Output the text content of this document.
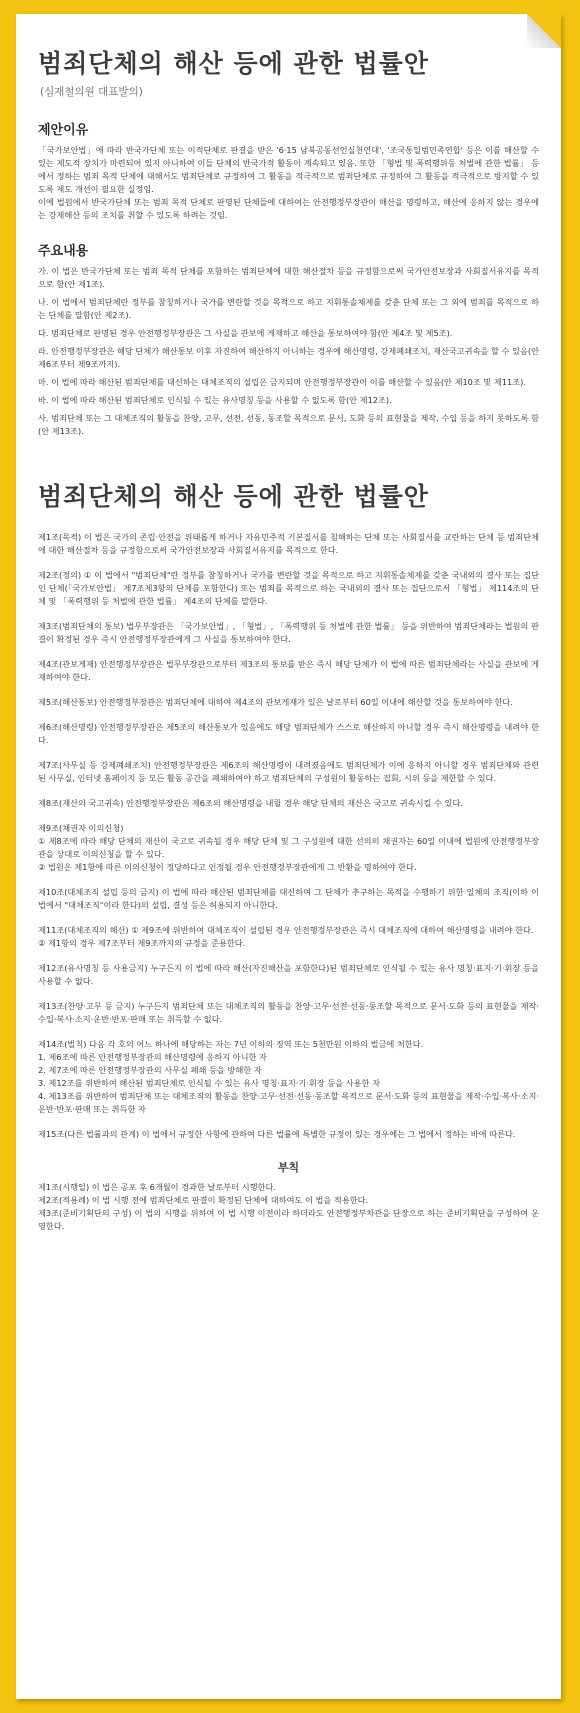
범죄단체의 해산 등에 관한 법률안
(심재철의원 대표발의)
제안이유

「국가보안법」에 따라 반국가단체 또는 이적단체로 판결을 받은 '6·15 남북공동선언실천연대', '조국통일범민족연합' 등은 이를 해산할 수 있는 제도적 장치가 마련되어 있지 아니하여 이들 단체의 반국가적 활동이 계속되고 있음. 또한 「형법 및 폭력행위등 처벌에 관한 법률」 등에서 정하는 범죄 목적 단체에 대해서도 범죄단체로 규정하여 그 활동을 적극적으로 범죄단체로 규정하여 그 활동을 적극적으로 방지할 수 있도록 제도 개선이 필요한 실정임.

이에 법원에서 반국가단체 또는 범죄 목적 단체로 판명된 단체들에 대하여는 안전행정부장관이 해산을 명령하고, 해산에 응하지 않는 경우에는 강제해산 등의 조치를 취할 수 있도록 하려는 것임.

주요내용

가. 이 법은 반국가단체 또는 범죄 목적 단체를 포함하는 범죄단체에 대한 해산절차 등을 규정함으로써 국가안전보장과 사회질서유지를 목적으로 함(안 제1조).

나. 이 법에서 범죄단체란 정부를 참칭하거나 국가를 변란할 것을 목적으로 하고 지휘통솔체제를 갖춘 단체 또는 그 외에 범죄를 목적으로 하는 단체를 말함(안 제2조).

다. 범죄단체로 판명된 경우 안전행정부장관은 그 사실을 관보에 게재하고 해산을 통보하여야 함(안 제4조 및 제5조).

라. 안전행정부장관은 해당 단체가 해산통보 이후 자진하여 해산하지 아니하는 경우에 해산명령, 강제폐쇄조치, 재산국고귀속을 할 수 있음(안 제6조부터 제9조까지).

마. 이 법에 따라 해산된 범죄단체를 대신하는 대체조직의 설립은 금지되며 안전행정부장관이 이를 해산할 수 있음(안 제10조 및 제11조).

바. 이 법에 따라 해산된 범죄단체로 인식될 수 있는 유사명칭 등을 사용할 수 없도록 함(안 제12조).

사. 범죄단체 또는 그 대체조직의 활동을 찬양, 고무, 선전, 선동, 동조할 목적으로 문서, 도화 등의 표현물을 제작, 수입 등을 하지 못하도록 함(안 제13조).

범죄단체의 해산 등에 관한 법률안

제1조(목적) 이 법은 국가의 존립·안전을 위태롭게 하거나 자유민주적 기본질서를 침해하는 단체 또는 사회질서를 교란하는 단체 등 범죄단체에 대한 해산절차 등을 규정함으로써 국가안전보장과 사회질서유지를 목적으로 한다.

제2조(정의) ① 이 법에서 "범죄단체"란 정부를 참칭하거나 국가를 변란할 것을 목적으로 하고 지휘통솔체제를 갖춘 국내외의 결사 또는 집단인 단체(「국가보안법」 제7조제3항의 단체를 포함한다) 또는 범죄를 목적으로 하는 국내외의 결사 또는 집단으로서 「형법」 제114조의 단체 및 「폭력행위 등 처벌에 관한 법률」 제4조의 단체를 말한다.

제3조(범죄단체의 통보) 법무부장관은 「국가보안법」, 「형법」, 「폭력행위 등 처벌에 관한 법률」 등을 위반하여 범죄단체라는 법원의 판결이 확정된 경우 즉시 안전행정부장관에게 그 사실을 통보하여야 한다.

제4조(관보게재) 안전행정부장관은 법무부장관으로부터 제3조의 통보를 받은 즉시 해당 단체가 이 법에 따른 범죄단체라는 사실을 관보에 게재하여야 한다.

제5조(해산통보) 안전행정부장관은 범죄단체에 대하여 제4조의 관보게재가 있은 날로부터 60일 이내에 해산할 것을 통보하여야 한다.

제6조(해산명령) 안전행정부장관은 제5조의 해산통보가 있음에도 해당 범죄단체가 스스로 해산하지 아니할 경우 즉시 해산명령을 내려야 한다.

제7조(사무실 등 강제폐쇄조치) 안전행정부장관은 제6조의 해산명령이 내려졌음에도 범죄단체가 이에 응하지 아니할 경우 범죄단체와 관련된 사무실, 인터넷 홈페이지 등 모든 활동 공간을 폐쇄하여야 하고 범죄단체의 구성원이 활동하는 집회, 시위 등을 제한할 수 있다.

제8조(재산의 국고귀속) 안전행정부장관은 제6조의 해산명령을 내릴 경우 해당 단체의 재산은 국고로 귀속시킬 수 있다.

제9조(채권자 이의신청)

① 제8조에 따라 해당 단체의 재산이 국고로 귀속될 경우 해당 단체 및 그 구성원에 대한 선의의 채권자는 60일 이내에 법원에 안전행정부장관을 상대로 이의신청을 할 수 있다.

② 법원은 제1항에 따른 이의신청이 정당하다고 인정될 경우 안전행정부장관에게 그 반환을 명하여야 한다.

제10조(대체조직 설립 등의 금지) 이 법에 따라 해산된 범죄단체를 대신하여 그 단체가 추구하는 목적을 수행하기 위한 일체의 조직(이하 이 법에서 "대체조직"이라 한다)의 설립, 결성 등은 허용되지 아니한다.

제11조(대체조직의 해산) ① 제9조에 위반하여 대체조직이 설립된 경우 안전행정부장관은 즉시 대체조직에 대하여 해산명령을 내려야 한다.

② 제1항의 경우 제7조부터 제9조까지의 규정을 준용한다.

제12조(유사명칭 등 사용금지) 누구든지 이 법에 따라 해산(자진해산을 포함한다)된 범죄단체로 인식될 수 있는 유사 명칭·표지·기·휘장 등을 사용할 수 없다.

제13조(찬양·고무 등 금지) 누구든지 범죄단체 또는 대체조직의 활동을 찬양·고무·선전·선동·동조할 목적으로 문서·도화 등의 표현물을 제작·수입·복사·소지·운반·반포·판매 또는 취득할 수 없다.

제14조(벌칙) 다음 각 호의 어느 하나에 해당하는 자는 7년 이하의 징역 또는 5천만원 이하의 벌금에 처한다.

1. 제6조에 따른 안전행정부장관의 해산명령에 응하지 아니한 자

2. 제7조에 따른 안전행정부장관의 사무실 폐쇄 등을 방해한 자

3. 제12조를 위반하여 해산된 범죄단체로 인식될 수 있는 유사 명칭·표지·기·휘장 등을 사용한 자

4. 제13조를 위반하여 범죄단체 또는 대체조직의 활동을 찬양·고무·선전·선동·동조할 목적으로 문서·도화 등의 표현물을 제작·수입·복사·소지·운반·반포·판매 또는 취득한 자

제15조(다른 법률과의 관계) 이 법에서 규정한 사항에 관하여 다른 법률에 특별한 규정이 있는 경우에는 그 법에서 정하는 바에 따른다.

부칙

제1조(시행일) 이 법은 공포 후 6개월이 경과한 날로부터 시행한다.

제2조(적용례) 이 법 시행 전에 범죄단체로 판결이 확정된 단체에 대하여도 이 법을 적용한다.

제3조(준비기획단의 구성) 이 법의 시행을 위하여 이 법 시행 이전이라 하더라도 안전행정부차관을 단장으로 하는 준비기획단을 구성하여 운영한다.
